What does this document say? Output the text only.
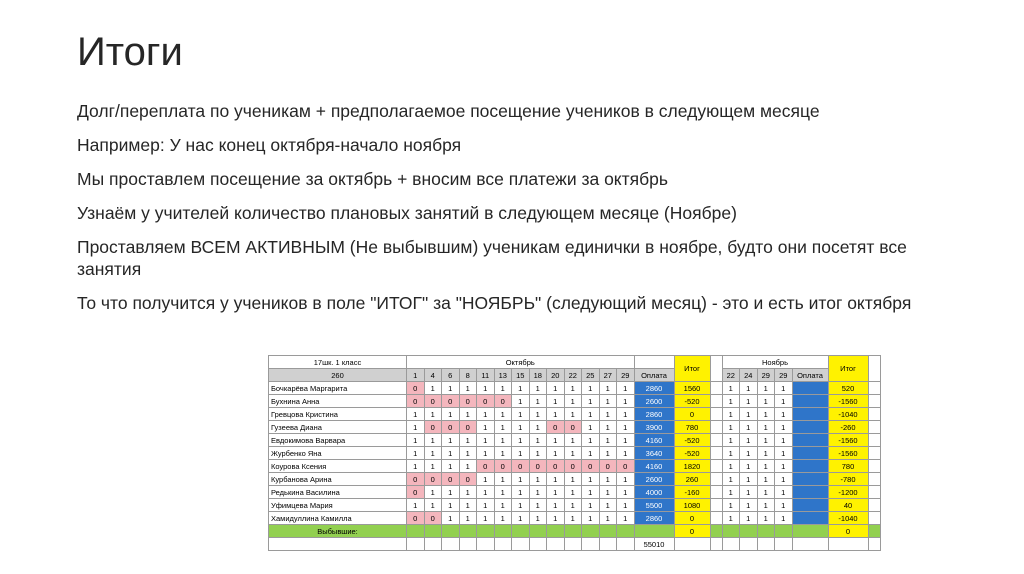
Итоги

Долг/переплата по ученикам + предполагаемое посещение учеников в следующем месяце

Например: У нас конец октября-начало ноября

Мы проставлем посещение за октябрь + вносим все платежи за октябрь

Узнаём у учителей количество плановых занятий в следующем месяце (Ноябре)

Проставляем ВСЕМ АКТИВНЫМ (Не выбывшим) ученикам единички в ноябре, будто они посетят все занятия

То что получится у учеников в поле "ИТОГ" за "НОЯБРЬ" (следующий месяц) - это и есть итог октября

17шк. 1 класс	Октябрь														Итог		Ноябрь					Итог	
260	1	4	6	8	11	13	15	18	20	22	25	27	29	Оплата			22	24	29	29	Оплата		
Бочкарёва Маргарита	0	1	1	1	1	1	1	1	1	1	1	1	1	2860	1560		1	1	1	1		520	
Бухнина Анна	0	0	0	0	0	0	1	1	1	1	1	1	1	2600	-520		1	1	1	1		-1560	
Гревцова Кристина	1	1	1	1	1	1	1	1	1	1	1	1	1	2860	0		1	1	1	1		-1040	
Гузеева Диана	1	0	0	0	1	1	1	1	0	0	1	1	1	3900	780		1	1	1	1		-260	
Евдокимова Варвара	1	1	1	1	1	1	1	1	1	1	1	1	1	4160	-520		1	1	1	1		-1560	
Журбенко Яна	1	1	1	1	1	1	1	1	1	1	1	1	1	3640	-520		1	1	1	1		-1560	
Коурова Ксения	1	1	1	1	0	0	0	0	0	0	0	0	0	4160	1820		1	1	1	1		780	
Курбанова Арина	0	0	0	0	1	1	1	1	1	1	1	1	1	2600	260		1	1	1	1		-780	
Редькина Василина	0	1	1	1	1	1	1	1	1	1	1	1	1	4000	-160		1	1	1	1		-1200	
Уфимцева Мария	1	1	1	1	1	1	1	1	1	1	1	1	1	5500	1080		1	1	1	1		40	
Хамидуллина Камилла	0	0	1	1	1	1	1	1	1	1	1	1	1	2860	0		1	1	1	1		-1040	
Выбывшие:															0							0	
														55010									
